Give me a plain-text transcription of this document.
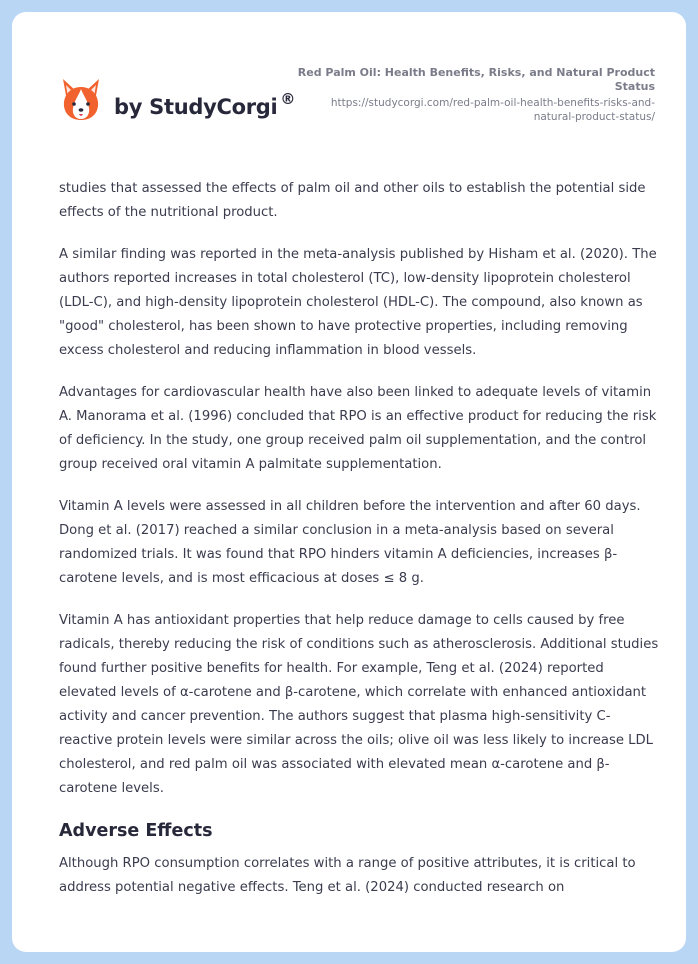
by StudyCorgi ®
Red Palm Oil: Health Benefits, Risks, and Natural Product Status
https://studycorgi.com/red-palm-oil-health-benefits-risks-and-natural-product-status/

studies that assessed the effects of palm oil and other oils to establish the potential side effects of the nutritional product.

A similar finding was reported in the meta-analysis published by Hisham et al. (2020). The authors reported increases in total cholesterol (TC), low-density lipoprotein cholesterol (LDL-C), and high-density lipoprotein cholesterol (HDL-C). The compound, also known as "good" cholesterol, has been shown to have protective properties, including removing excess cholesterol and reducing inflammation in blood vessels.

Advantages for cardiovascular health have also been linked to adequate levels of vitamin A. Manorama et al. (1996) concluded that RPO is an effective product for reducing the risk of deficiency. In the study, one group received palm oil supplementation, and the control group received oral vitamin A palmitate supplementation.

Vitamin A levels were assessed in all children before the intervention and after 60 days. Dong et al. (2017) reached a similar conclusion in a meta-analysis based on several randomized trials. It was found that RPO hinders vitamin A deficiencies, increases β-carotene levels, and is most efficacious at doses ≤ 8 g.

Vitamin A has antioxidant properties that help reduce damage to cells caused by free radicals, thereby reducing the risk of conditions such as atherosclerosis. Additional studies found further positive benefits for health. For example, Teng et al. (2024) reported elevated levels of α-carotene and β-carotene, which correlate with enhanced antioxidant activity and cancer prevention. The authors suggest that plasma high-sensitivity C-reactive protein levels were similar across the oils; olive oil was less likely to increase LDL cholesterol, and red palm oil was associated with elevated mean α-carotene and β-carotene levels.

Adverse Effects

Although RPO consumption correlates with a range of positive attributes, it is critical to address potential negative effects. Teng et al. (2024) conducted research on
